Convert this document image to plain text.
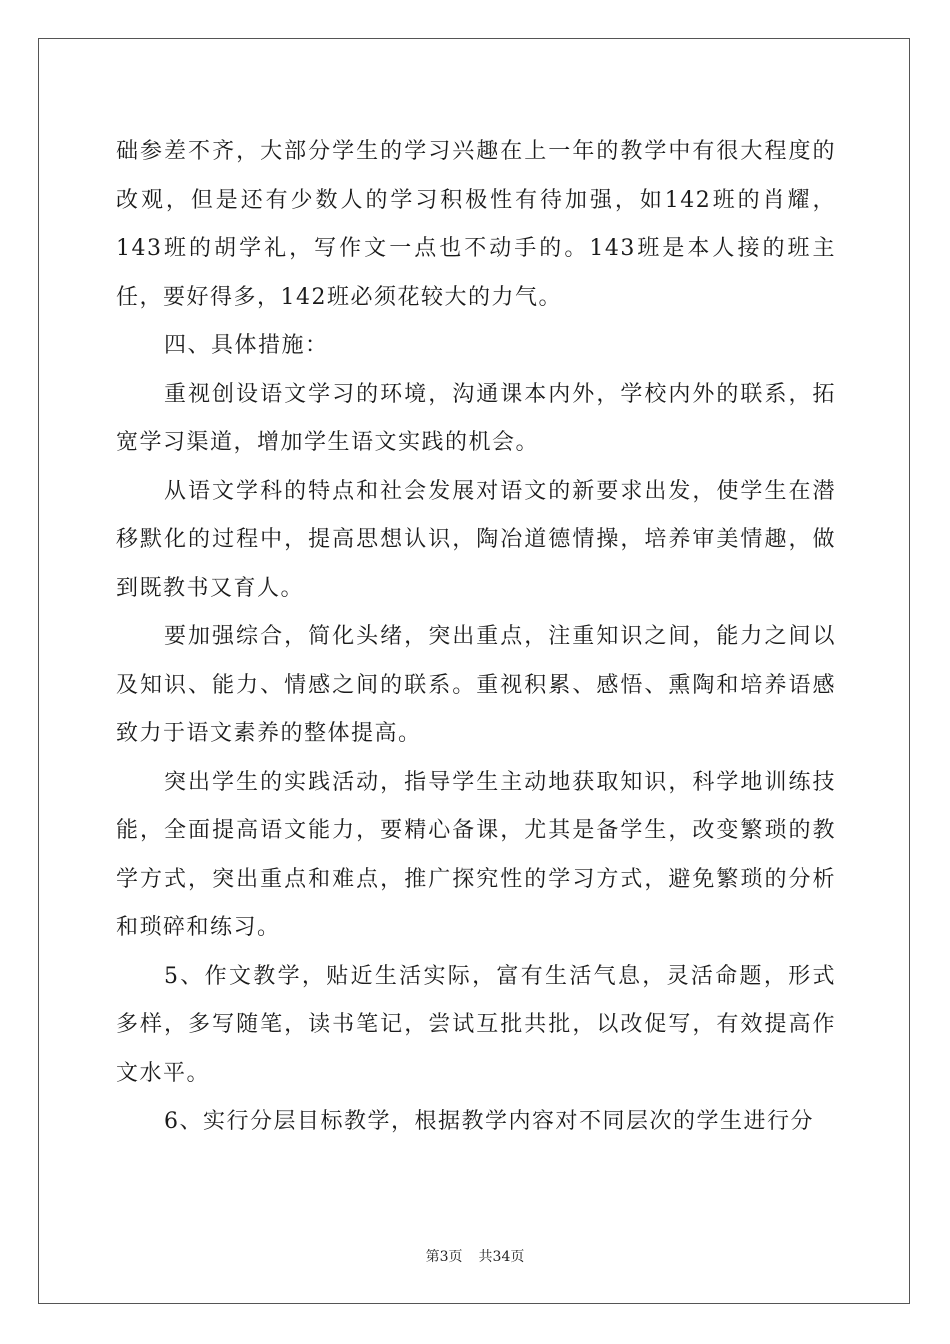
础参差不齐，大部分学生的学习兴趣在上一年的教学中有很大程度的改观，但是还有少数人的学习积极性有待加强，如142班的肖耀，143班的胡学礼，写作文一点也不动手的。143班是本人接的班主任，要好得多，142班必须花较大的力气。

四、具体措施：

重视创设语文学习的环境，沟通课本内外，学校内外的联系，拓宽学习渠道，增加学生语文实践的机会。

从语文学科的特点和社会发展对语文的新要求出发，使学生在潜移默化的过程中，提高思想认识，陶冶道德情操，培养审美情趣，做到既教书又育人。

要加强综合，简化头绪，突出重点，注重知识之间，能力之间以及知识、能力、情感之间的联系。重视积累、感悟、熏陶和培养语感致力于语文素养的整体提高。

突出学生的实践活动，指导学生主动地获取知识，科学地训练技能，全面提高语文能力，要精心备课，尤其是备学生，改变繁琐的教学方式，突出重点和难点，推广探究性的学习方式，避免繁琐的分析和琐碎和练习。

5、作文教学，贴近生活实际，富有生活气息，灵活命题，形式多样，多写随笔，读书笔记，尝试互批共批，以改促写，有效提高作文水平。

6、实行分层目标教学，根据教学内容对不同层次的学生进行分

第3页 共34页
